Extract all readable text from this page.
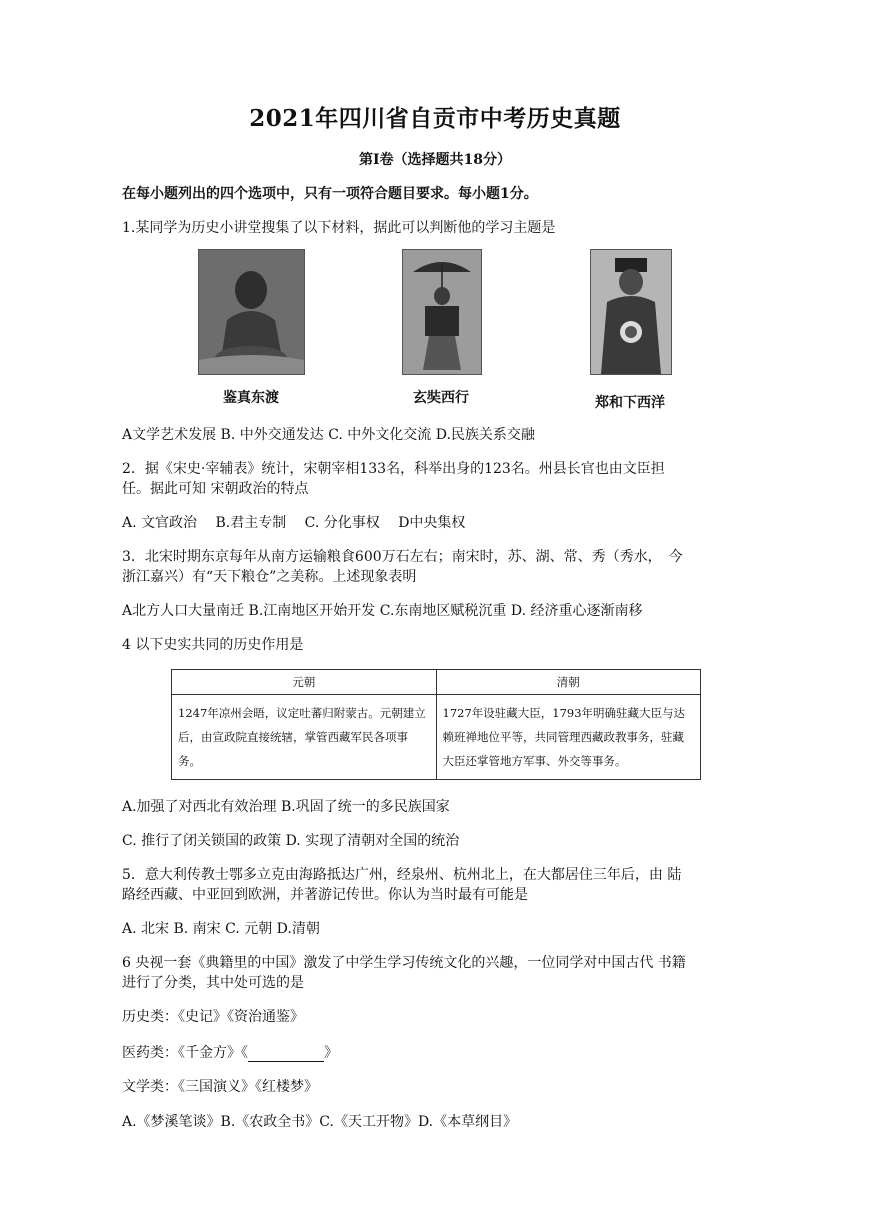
2021年四川省自贡市中考历史真题
第Ⅰ卷（选择题共18分）
在每小题列出的四个选项中，只有一项符合题目要求。每小题1分。
1.某同学为历史小讲堂搜集了以下材料，据此可以判断他的学习主题是
鉴真东渡	玄奘西行	郑和下西洋
A文学艺术发展 B. 中外交通发达 C. 中外文化交流 D.民族关系交融
2．据《宋史·宰辅表》统计，宋朝宰相133名，科举出身的123名。州县长官也由文臣担
任。据此可知 宋朝政治的特点
A. 文官政治　 B.君主专制　 C. 分化事权　 D中央集权
3．北宋时期东京每年从南方运输粮食600万石左右；南宋时，苏、湖、常、秀（秀水，　今
浙江嘉兴）有“天下粮仓”之美称。上述现象表明
A北方人口大量南迁 B.江南地区开始开发 C.东南地区赋税沉重 D. 经济重心逐渐南移
4 以下史实共同的历史作用是
元朝	清朝
1247年凉州会晤，议定吐蕃归附蒙古。元朝建立后，由宣政院直接统辖，掌管西藏军民各项事务。	1727年设驻藏大臣，1793年明确驻藏大臣与达赖班禅地位平等，共同管理西藏政教事务，驻藏大臣还掌管地方军事、外交等事务。
A.加强了对西北有效治理 B.巩固了统一的多民族国家
C. 推行了闭关锁国的政策 D. 实现了清朝对全国的统治
5．意大利传教士鄂多立克由海路抵达广州，经泉州、杭州北上，在大都居住三年后，由 陆
路经西藏、中亚回到欧洲，并著游记传世。你认为当时最有可能是
A. 北宋 B. 南宋 C. 元朝 D.清朝
6 央视一套《典籍里的中国》激发了中学生学习传统文化的兴趣，一位同学对中国古代 书籍
进行了分类，其中处可选的是
历史类：《史记》《资治通鉴》
医药类：《千金方》《	》
文学类：《三国演义》《红楼梦》
A.《梦溪笔谈》B.《农政全书》C.《天工开物》D.《本草纲目》
